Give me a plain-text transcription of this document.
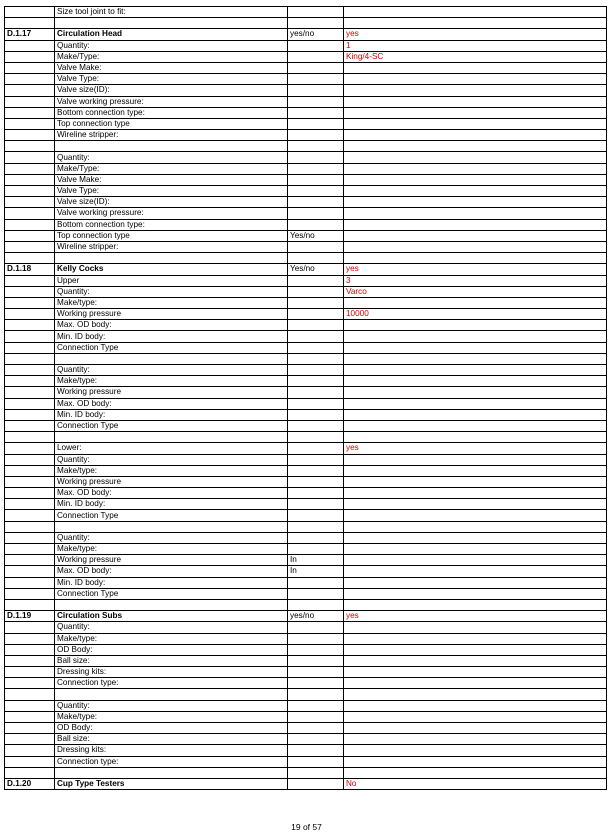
	Size tool joint to fit:		

D.1.17	Circulation Head	yes/no	yes
	Quantity:		1
	Make/Type:		King/4-SC
	Valve Make:		
	Valve Type:		
	Valve size(ID):		
	Valve working pressure:		
	Bottom connection type:		
	Top connection type		
	Wireline stripper:		

	Quantity:		
	Make/Type:		
	Valve Make:		
	Valve Type:		
	Valve size(ID):		
	Valve working pressure:		
	Bottom connection type:		
	Top connection type	Yes/no	
	Wireline stripper:		

D.1.18	Kelly Cocks	Yes/no	yes
	Upper		3
	Quantity:		Varco
	Make/type:		
	Working pressure		10000
	Max. OD body:		
	Min. ID body:		
	Connection Type		

	Quantity:		
	Make/type:		
	Working pressure		
	Max. OD body:		
	Min. ID body:		
	Connection Type		

	Lower:		yes
	Quantity:		
	Make/type:		
	Working pressure		
	Max. OD body:		
	Min. ID body:		
	Connection Type		

	Quantity:		
	Make/type:		
	Working pressure	In	
	Max. OD body:	In	
	Min. ID body:		
	Connection Type		

D.1.19	Circulation Subs	yes/no	yes
	Quantity:		
	Make/type:		
	OD Body:		
	Ball size:		
	Dressing kits:		
	Connection type:		

	Quantity:		
	Make/type:		
	OD Body:		
	Ball size:		
	Dressing kits:		
	Connection type:		

D.1.20	Cup Type Testers		No
19 of 57
